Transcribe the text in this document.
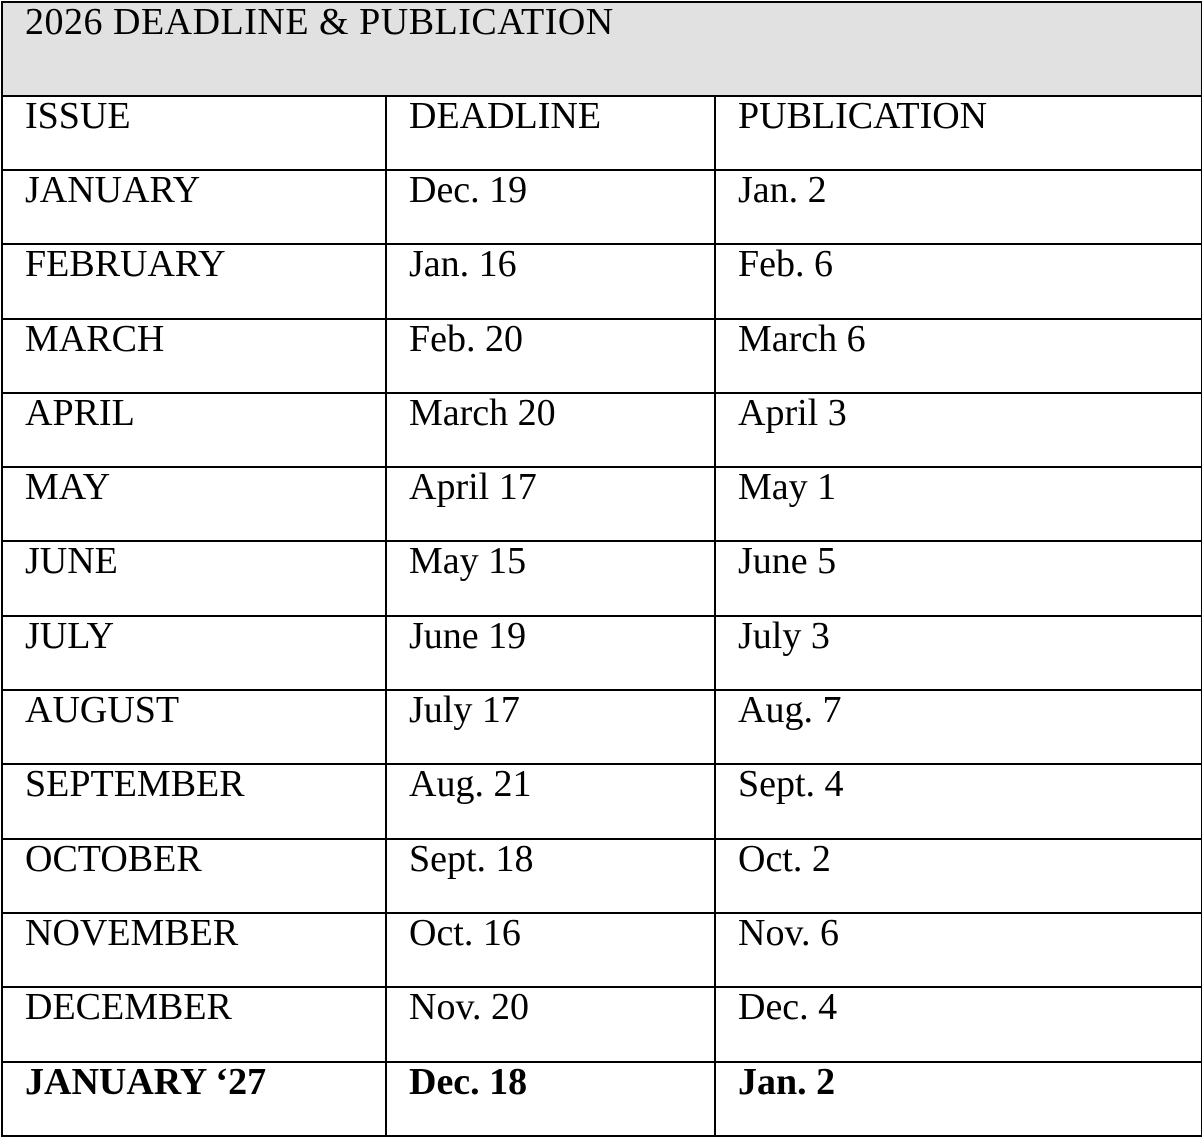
2026 DEADLINE & PUBLICATION		
ISSUE	DEADLINE	PUBLICATION
JANUARY	Dec. 19	Jan. 2
FEBRUARY	Jan. 16	Feb. 6
MARCH	Feb. 20	March 6
APRIL	March 20	April 3
MAY	April 17	May 1
JUNE	May 15	June 5
JULY	June 19	July 3
AUGUST	July 17	Aug. 7
SEPTEMBER	Aug. 21	Sept. 4
OCTOBER	Sept. 18	Oct. 2
NOVEMBER	Oct. 16	Nov. 6
DECEMBER	Nov. 20	Dec. 4
JANUARY ‘27	Dec. 18	Jan. 2
